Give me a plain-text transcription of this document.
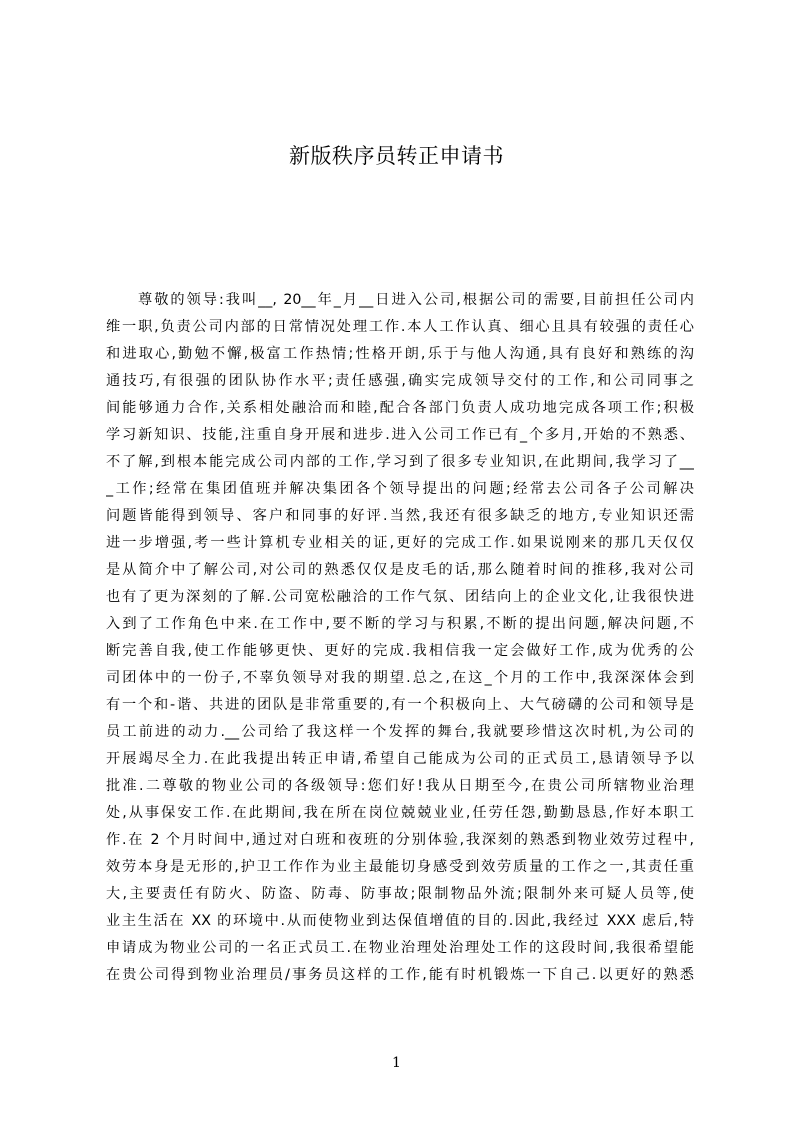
新版秩序员转正申请书
尊敬的领导:我叫__, 20__年_月__日进入公司,根据公司的需要,目前担任公司内
维一职,负责公司内部的日常情况处理工作.本人工作认真、细心且具有较强的责任心
和进取心,勤勉不懈,极富工作热情;性格开朗,乐于与他人沟通,具有良好和熟练的沟
通技巧,有很强的团队协作水平;责任感强,确实完成领导交付的工作,和公司同事之
间能够通力合作,关系相处融洽而和睦,配合各部门负责人成功地完成各项工作;积极
学习新知识、技能,注重自身开展和进步.进入公司工作已有_个多月,开始的不熟悉、
不了解,到根本能完成公司内部的工作,学习到了很多专业知识,在此期间,我学习了__
_工作;经常在集团值班并解决集团各个领导提出的问题;经常去公司各子公司解决
问题皆能得到领导、客户和同事的好评.当然,我还有很多缺乏的地方,专业知识还需
进一步增强,考一些计算机专业相关的证,更好的完成工作.如果说刚来的那几天仅仅
是从简介中了解公司,对公司的熟悉仅仅是皮毛的话,那么随着时间的推移,我对公司
也有了更为深刻的了解.公司宽松融洽的工作气氛、团结向上的企业文化,让我很快进
入到了工作角色中来.在工作中,要不断的学习与积累,不断的提出问题,解决问题,不
断完善自我,使工作能够更快、更好的完成.我相信我一定会做好工作,成为优秀的公
司团体中的一份子,不辜负领导对我的期望.总之,在这_个月的工作中,我深深体会到
有一个和-谐、共进的团队是非常重要的,有一个积极向上、大气磅礴的公司和领导是
员工前进的动力.__公司给了我这样一个发挥的舞台,我就要珍惜这次时机,为公司的
开展竭尽全力.在此我提出转正申请,希望自己能成为公司的正式员工,恳请领导予以
批准.二尊敬的物业公司的各级领导:您们好!我从日期至今,在贵公司所辖物业治理
处,从事保安工作.在此期间,我在所在岗位兢兢业业,任劳任怨,勤勤恳恳,作好本职工
作.在 2 个月时间中,通过对白班和夜班的分别体验,我深刻的熟悉到物业效劳过程中,
效劳本身是无形的,护卫工作作为业主最能切身感受到效劳质量的工作之一,其责任重
大,主要责任有防火、防盗、防毒、防事故;限制物品外流;限制外来可疑人员等,使
业主生活在 XX 的环境中.从而使物业到达保值增值的目的.因此,我经过 XXX 虑后,特
申请成为物业公司的一名正式员工.在物业治理处治理处工作的这段时间,我很希望能
在贵公司得到物业治理员/事务员这样的工作,能有时机锻炼一下自己.以更好的熟悉
1
